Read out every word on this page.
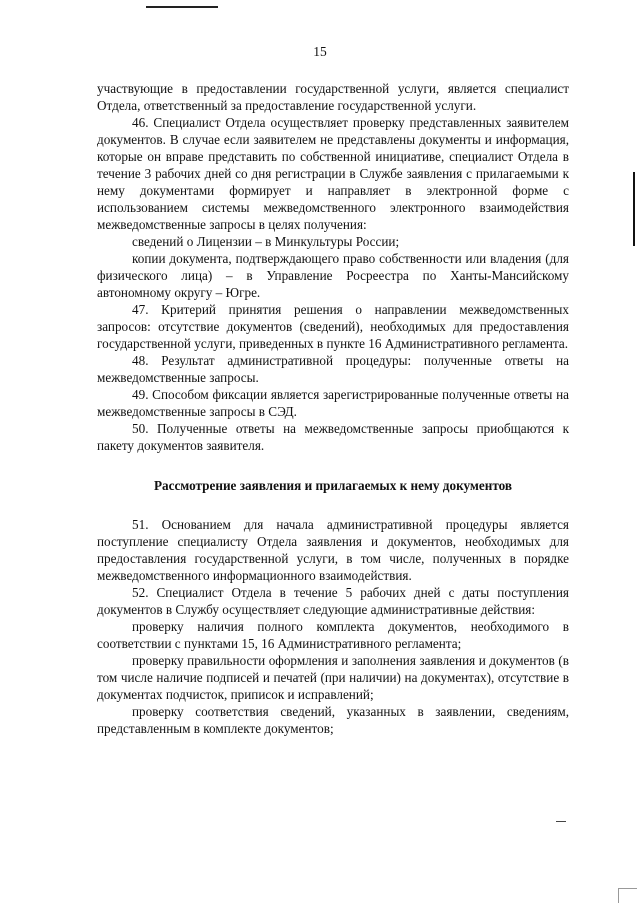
15

участвующие в предоставлении государственной услуги, является специалист Отдела, ответственный за предоставление государственной услуги.

46. Специалист Отдела осуществляет проверку представленных заявителем документов. В случае если заявителем не представлены документы и информация, которые он вправе представить по собственной инициативе, специалист Отдела в течение 3 рабочих дней со дня регистрации в Службе заявления с прилагаемыми к нему документами формирует и направляет в электронной форме с использованием системы межведомственного электронного взаимодействия межведомственные запросы в целях получения:

сведений о Лицензии – в Минкультуры России;

копии документа, подтверждающего право собственности или владения (для физического лица) – в Управление Росреестра по Ханты-Мансийскому автономному округу – Югре.

47. Критерий принятия решения о направлении межведомственных запросов: отсутствие документов (сведений), необходимых для предоставления государственной услуги, приведенных в пункте 16 Административного регламента.

48. Результат административной процедуры: полученные ответы на межведомственные запросы.

49. Способом фиксации является зарегистрированные полученные ответы на межведомственные запросы в СЭД.

50. Полученные ответы на межведомственные запросы приобщаются к пакету документов заявителя.

Рассмотрение заявления и прилагаемых к нему документов

51. Основанием для начала административной процедуры является поступление специалисту Отдела заявления и документов, необходимых для предоставления государственной услуги, в том числе, полученных в порядке межведомственного информационного взаимодействия.

52. Специалист Отдела в течение 5 рабочих дней с даты поступления документов в Службу осуществляет следующие административные действия:

проверку наличия полного комплекта документов, необходимого в соответствии с пунктами 15, 16 Административного регламента;

проверку правильности оформления и заполнения заявления и документов (в том числе наличие подписей и печатей (при наличии) на документах), отсутствие в документах подчисток, приписок и исправлений;

проверку соответствия сведений, указанных в заявлении, сведениям, представленным в комплекте документов;
